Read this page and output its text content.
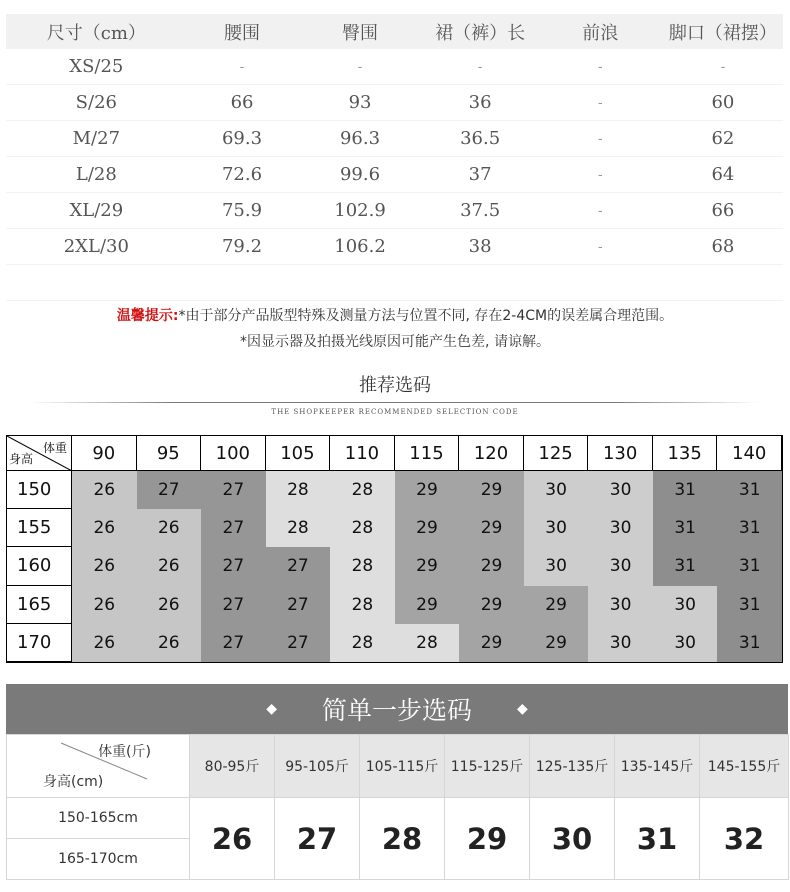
尺寸（cm）	腰围	臀围	裙（裤）长	前浪	脚口（裙摆）
XS/25	-	-	-	-	-
S/26	66	93	36	-	60
M/27	69.3	96.3	36.5	-	62
L/28	72.6	99.6	37	-	64
XL/29	75.9	102.9	37.5	-	66
2XL/30	79.2	106.2	38	-	68

温馨提示:*由于部分产品版型特殊及测量方法与位置不同, 存在2-4CM的误差属合理范围。
*因显示器及拍摄光线原因可能产生色差, 请谅解。
推荐选码
THE SHOPKEEPER RECOMMENDED SELECTION CODE
体重
身高	90	95	100	105	110	115	120	125	130	135	140
150	26	27	27	28	28	29	29	30	30	31	31
155	26	26	27	28	28	29	29	30	30	31	31
160	26	26	27	27	28	29	29	30	30	31	31
165	26	26	27	27	28	29	29	29	30	30	31
170	26	26	27	27	28	28	29	29	30	30	31
◆ 简单一步选码	◆
体重(斤)
身高(cm)	80-95斤	95-105斤	105-115斤	115-125斤	125-135斤	135-145斤	145-155斤
150-165cm	26	27	28	29	30	31	32
165-170cm							
